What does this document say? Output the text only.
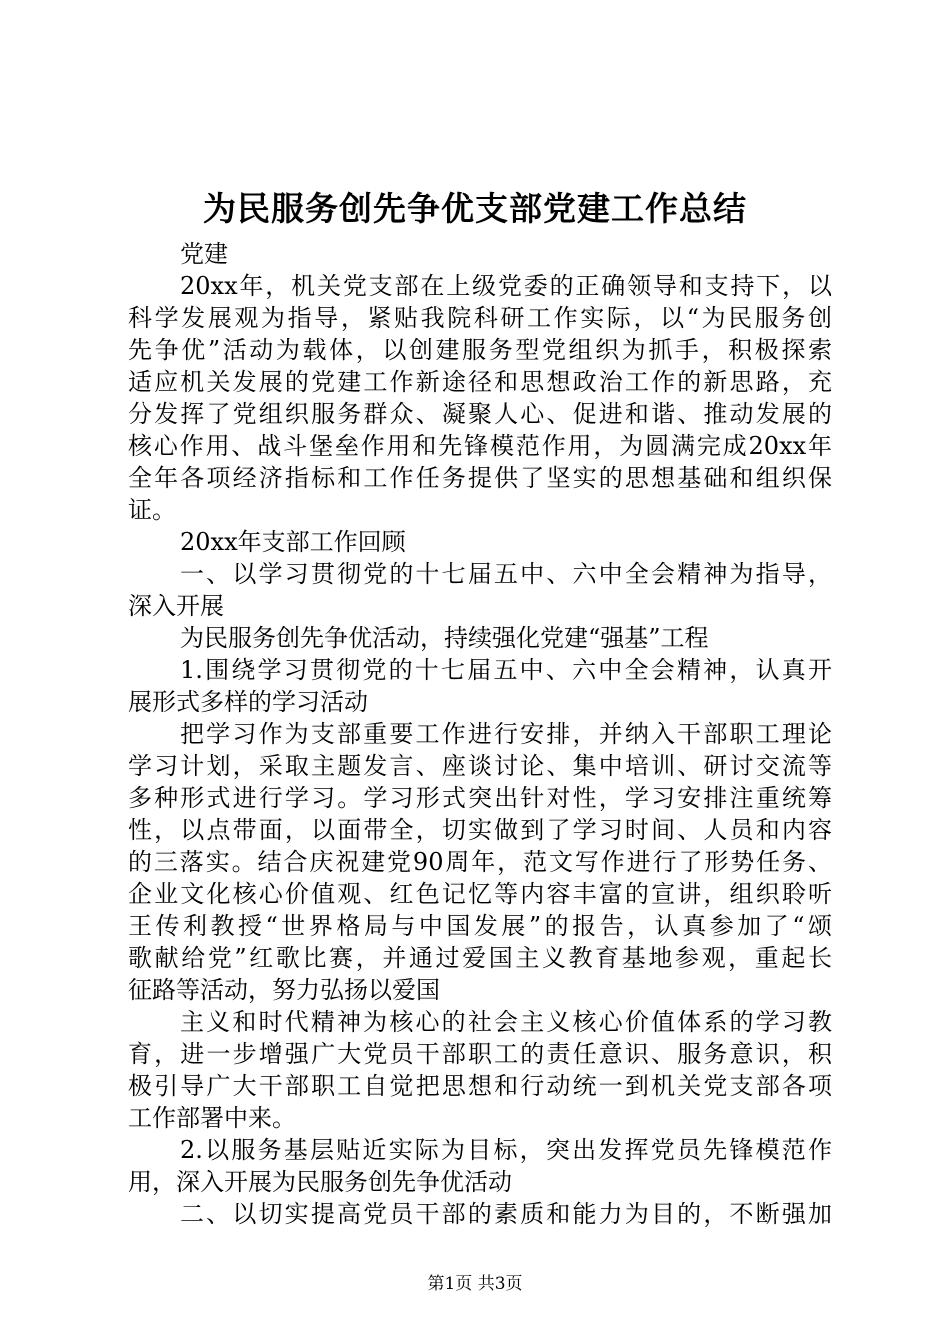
为民服务创先争优支部党建工作总结
党建
20xx年，机关党支部在上级党委的正确领导和支持下，以
科学发展观为指导，紧贴我院科研工作实际，以“为民服务创
先争优”活动为载体，以创建服务型党组织为抓手，积极探索
适应机关发展的党建工作新途径和思想政治工作的新思路，充
分发挥了党组织服务群众、凝聚人心、促进和谐、推动发展的
核心作用、战斗堡垒作用和先锋模范作用，为圆满完成20xx年
全年各项经济指标和工作任务提供了坚实的思想基础和组织保
证。
20xx年支部工作回顾
一、以学习贯彻党的十七届五中、六中全会精神为指导，
深入开展
为民服务创先争优活动，持续强化党建“强基”工程
1.围绕学习贯彻党的十七届五中、六中全会精神，认真开
展形式多样的学习活动
把学习作为支部重要工作进行安排，并纳入干部职工理论
学习计划，采取主题发言、座谈讨论、集中培训、研讨交流等
多种形式进行学习。学习形式突出针对性，学习安排注重统筹
性，以点带面，以面带全，切实做到了学习时间、人员和内容
的三落实。结合庆祝建党90周年，范文写作进行了形势任务、
企业文化核心价值观、红色记忆等内容丰富的宣讲，组织聆听
王传利教授“世界格局与中国发展”的报告，认真参加了“颂
歌献给党”红歌比赛，并通过爱国主义教育基地参观，重起长
征路等活动，努力弘扬以爱国
主义和时代精神为核心的社会主义核心价值体系的学习教
育，进一步增强广大党员干部职工的责任意识、服务意识，积
极引导广大干部职工自觉把思想和行动统一到机关党支部各项
工作部署中来。
2.以服务基层贴近实际为目标，突出发挥党员先锋模范作
用，深入开展为民服务创先争优活动
二、以切实提高党员干部的素质和能力为目的，不断强加
第1页 共3页
